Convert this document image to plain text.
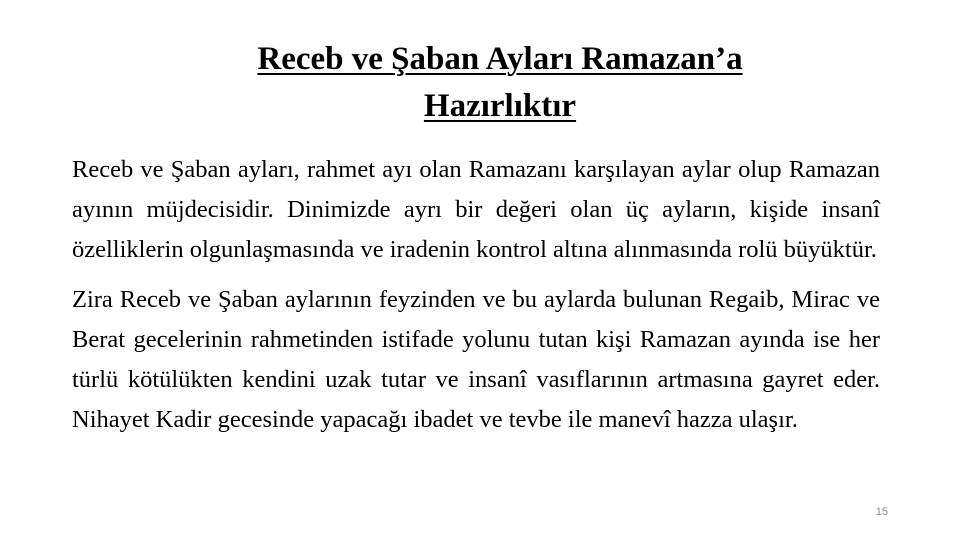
Receb ve Şaban Ayları Ramazan’a
Hazırlıktır

Receb ve Şaban ayları, rahmet ayı olan Ramazanı karşılayan aylar olup Ramazan ayının müjdecisidir. Dinimizde ayrı bir değeri olan üç ayların, kişide insanî özelliklerin olgunlaşmasında ve iradenin kontrol altına alınmasında rolü büyüktür.

Zira Receb ve Şaban aylarının feyzinden ve bu aylarda bulunan Regaib, Mirac ve Berat gecelerinin rahmetinden istifade yolunu tutan kişi Ramazan ayında ise her türlü kötülükten kendini uzak tutar ve insanî vasıflarının artmasına gayret eder. Nihayet Kadir gecesinde yapacağı ibadet ve tevbe ile manevî hazza ulaşır.

15
